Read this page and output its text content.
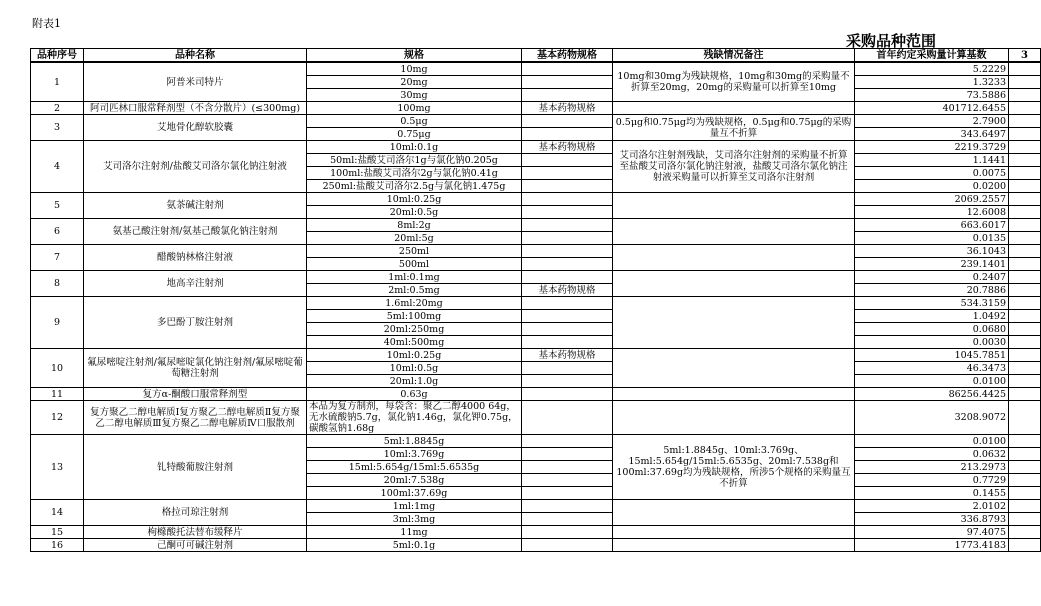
附表1
采购品种范围
品种序号	品种名称	规格	基本药物规格	残缺情况备注	首年约定采购量计算基数	3
1	阿普米司特片	10mg		10mg和30mg为残缺规格，10mg和30mg的采购量不折算至20mg，20mg的采购量可以折算至10mg	5.2229	
		20mg			1.3233	
		30mg			73.5886	
2	阿司匹林口服常释剂型（不含分散片）(≤300mg)	100mg	基本药物规格		401712.6455	
3	艾地骨化醇软胶囊	0.5μg		0.5μg和0.75μg均为残缺规格，0.5μg和0.75μg的采购量互不折算	2.7900	
		0.75μg			343.6497	
4	艾司洛尔注射剂/盐酸艾司洛尔氯化钠注射液	10ml:0.1g	基本药物规格	艾司洛尔注射剂残缺，艾司洛尔注射剂的采购量不折算至盐酸艾司洛尔氯化钠注射液，盐酸艾司洛尔氯化钠注射液采购量可以折算至艾司洛尔注射剂	2219.3729	
		50ml:盐酸艾司洛尔1g与氯化钠0.205g			1.1441	
		100ml:盐酸艾司洛尔2g与氯化钠0.41g			0.0075	
		250ml:盐酸艾司洛尔2.5g与氯化钠1.475g			0.0200	
5	氨茶碱注射剂	10ml:0.25g			2069.2557	
		20ml:0.5g			12.6008	
6	氨基己酸注射剂/氨基己酸氯化钠注射剂	8ml:2g			663.6017	
		20ml:5g			0.0135	
7	醋酸钠林格注射液	250ml			36.1043	
		500ml			239.1401	
8	地高辛注射剂	1ml:0.1mg			0.2407	
		2ml:0.5mg	基本药物规格		20.7886	
9	多巴酚丁胺注射剂	1.6ml:20mg			534.3159	
		5ml:100mg			1.0492	
		20ml:250mg			0.0680	
		40ml:500mg			0.0030	
10	氟尿嘧啶注射剂/氟尿嘧啶氯化钠注射剂/氟尿嘧啶葡萄糖注射剂	10ml:0.25g	基本药物规格		1045.7851	
		10ml:0.5g			46.3473	
		20ml:1.0g			0.0100	
11	复方α-酮酸口服常释剂型	0.63g			86256.4425	
12	复方聚乙二醇电解质Ⅰ复方聚乙二醇电解质Ⅱ复方聚乙二醇电解质Ⅲ复方聚乙二醇电解质Ⅳ口服散剂	本品为复方制剂，每袋含：聚乙二醇4000 64g，无水硫酸钠5.7g，氯化钠1.46g，氯化钾0.75g，碳酸氢钠1.68g			3208.9072	
13	钆特酸葡胺注射剂	5ml:1.8845g		5ml:1.8845g、10ml:3.769g、15ml:5.654g/15ml:5.6535g、20ml:7.538g和100ml:37.69g均为残缺规格，所涉5个规格的采购量互不折算	0.0100	
		10ml:3.769g			0.0632	
		15ml:5.654g/15ml:5.6535g			213.2973	
		20ml:7.538g			0.7729	
		100ml:37.69g			0.1455	
14	格拉司琼注射剂	1ml:1mg			2.0102	
		3ml:3mg			336.8793	
15	枸橼酸托法替布缓释片	11mg			97.4075	
16	己酮可可碱注射剂	5ml:0.1g			1773.4183	
